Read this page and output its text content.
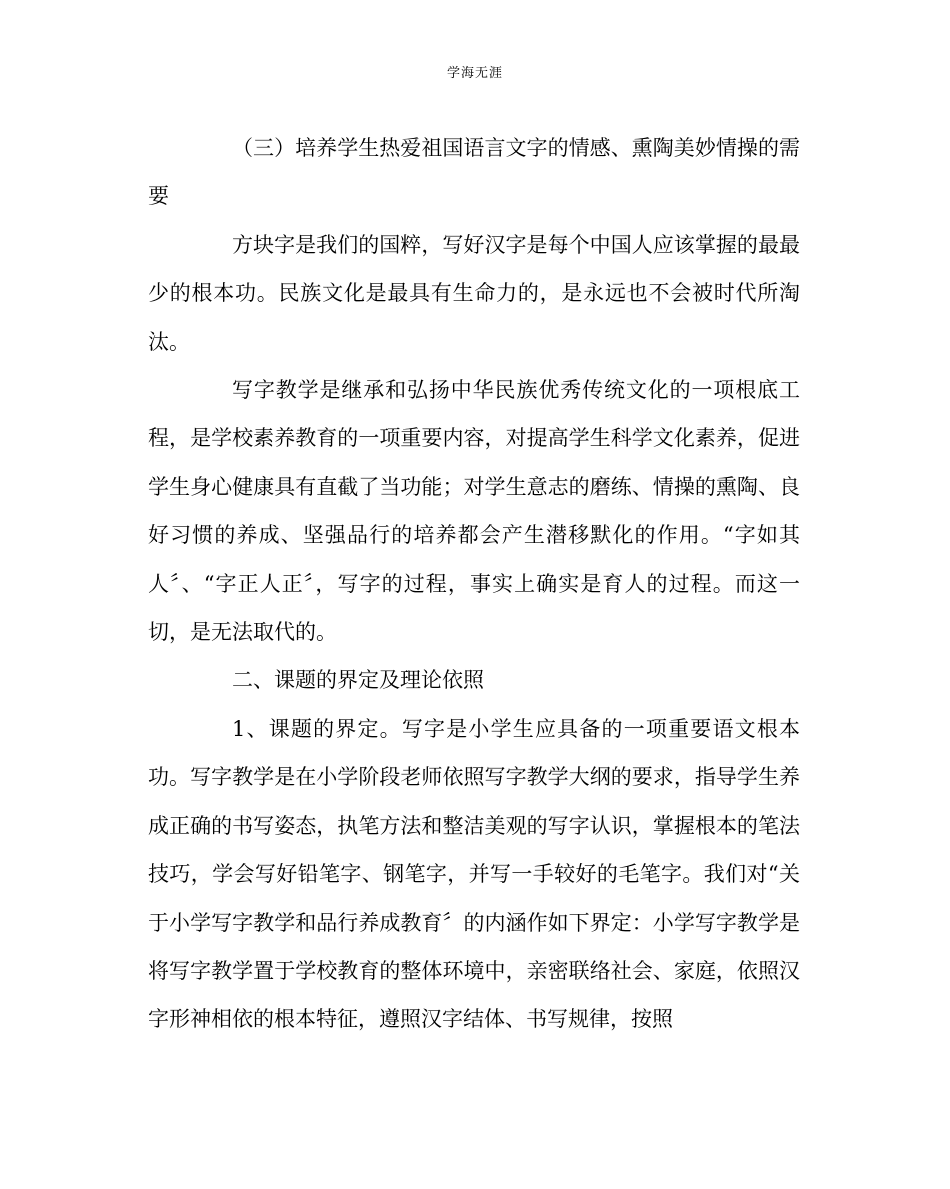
学海无涯

（三）培养学生热爱祖国语言文字的情感、熏陶美妙情操的需要

方块字是我们的国粹，写好汉字是每个中国人应该掌握的最最少的根本功。民族文化是最具有生命力的，是永远也不会被时代所淘汰。

写字教学是继承和弘扬中华民族优秀传统文化的一项根底工程，是学校素养教育的一项重要内容，对提高学生科学文化素养，促进学生身心健康具有直截了当功能；对学生意志的磨练、情操的熏陶、良好习惯的养成、坚强品行的培养都会产生潜移默化的作用。“字如其人〞、“字正人正〞，写字的过程，事实上确实是育人的过程。而这一切，是无法取代的。

二、课题的界定及理论依照

1、课题的界定。写字是小学生应具备的一项重要语文根本功。写字教学是在小学阶段老师依照写字教学大纲的要求，指导学生养成正确的书写姿态，执笔方法和整洁美观的写字认识，掌握根本的笔法技巧，学会写好铅笔字、钢笔字，并写一手较好的毛笔字。我们对“关于小学写字教学和品行养成教育〞的内涵作如下界定：小学写字教学是将写字教学置于学校教育的整体环境中，亲密联络社会、家庭，依照汉字形神相依的根本特征，遵照汉字结体、书写规律，按照
